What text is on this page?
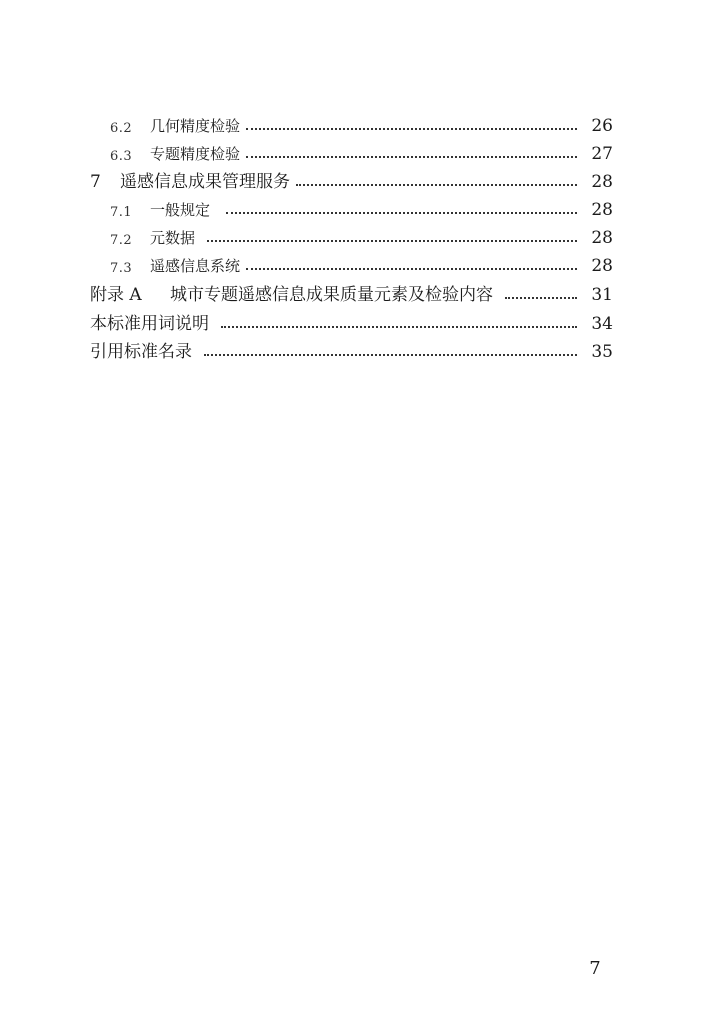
6.2	几何精度检验	26
6.3	专题精度检验	27
7	遥感信息成果管理服务	28
7.1	一般规定	28
7.2	元数据	28
7.3	遥感信息系统	28
附录 A	城市专题遥感信息成果质量元素及检验内容	31
本标准用词说明	34
引用标准名录	35
7
